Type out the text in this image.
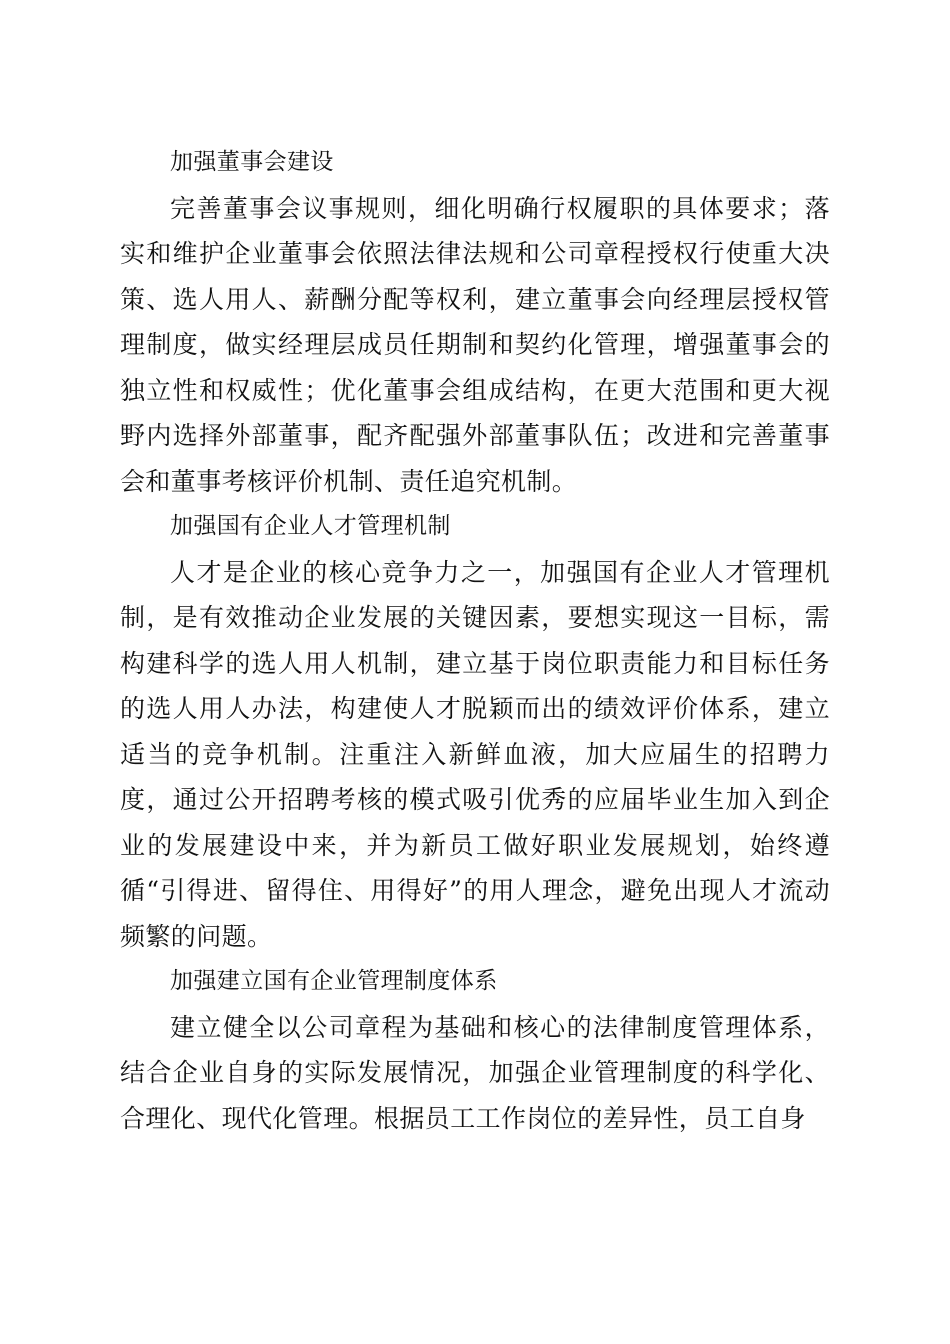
加强董事会建设

完善董事会议事规则，细化明确行权履职的具体要求；落实和维护企业董事会依照法律法规和公司章程授权行使重大决策、选人用人、薪酬分配等权利，建立董事会向经理层授权管理制度，做实经理层成员任期制和契约化管理，增强董事会的独立性和权威性；优化董事会组成结构，在更大范围和更大视野内选择外部董事，配齐配强外部董事队伍；改进和完善董事会和董事考核评价机制、责任追究机制。

加强国有企业人才管理机制

人才是企业的核心竞争力之一，加强国有企业人才管理机制，是有效推动企业发展的关键因素，要想实现这一目标，需构建科学的选人用人机制，建立基于岗位职责能力和目标任务的选人用人办法，构建使人才脱颖而出的绩效评价体系，建立适当的竞争机制。注重注入新鲜血液，加大应届生的招聘力度，通过公开招聘考核的模式吸引优秀的应届毕业生加入到企业的发展建设中来，并为新员工做好职业发展规划，始终遵循“引得进、留得住、用得好”的用人理念，避免出现人才流动频繁的问题。

加强建立国有企业管理制度体系

建立健全以公司章程为基础和核心的法律制度管理体系，结合企业自身的实际发展情况，加强企业管理制度的科学化、合理化、现代化管理。根据员工工作岗位的差异性，员工自身
